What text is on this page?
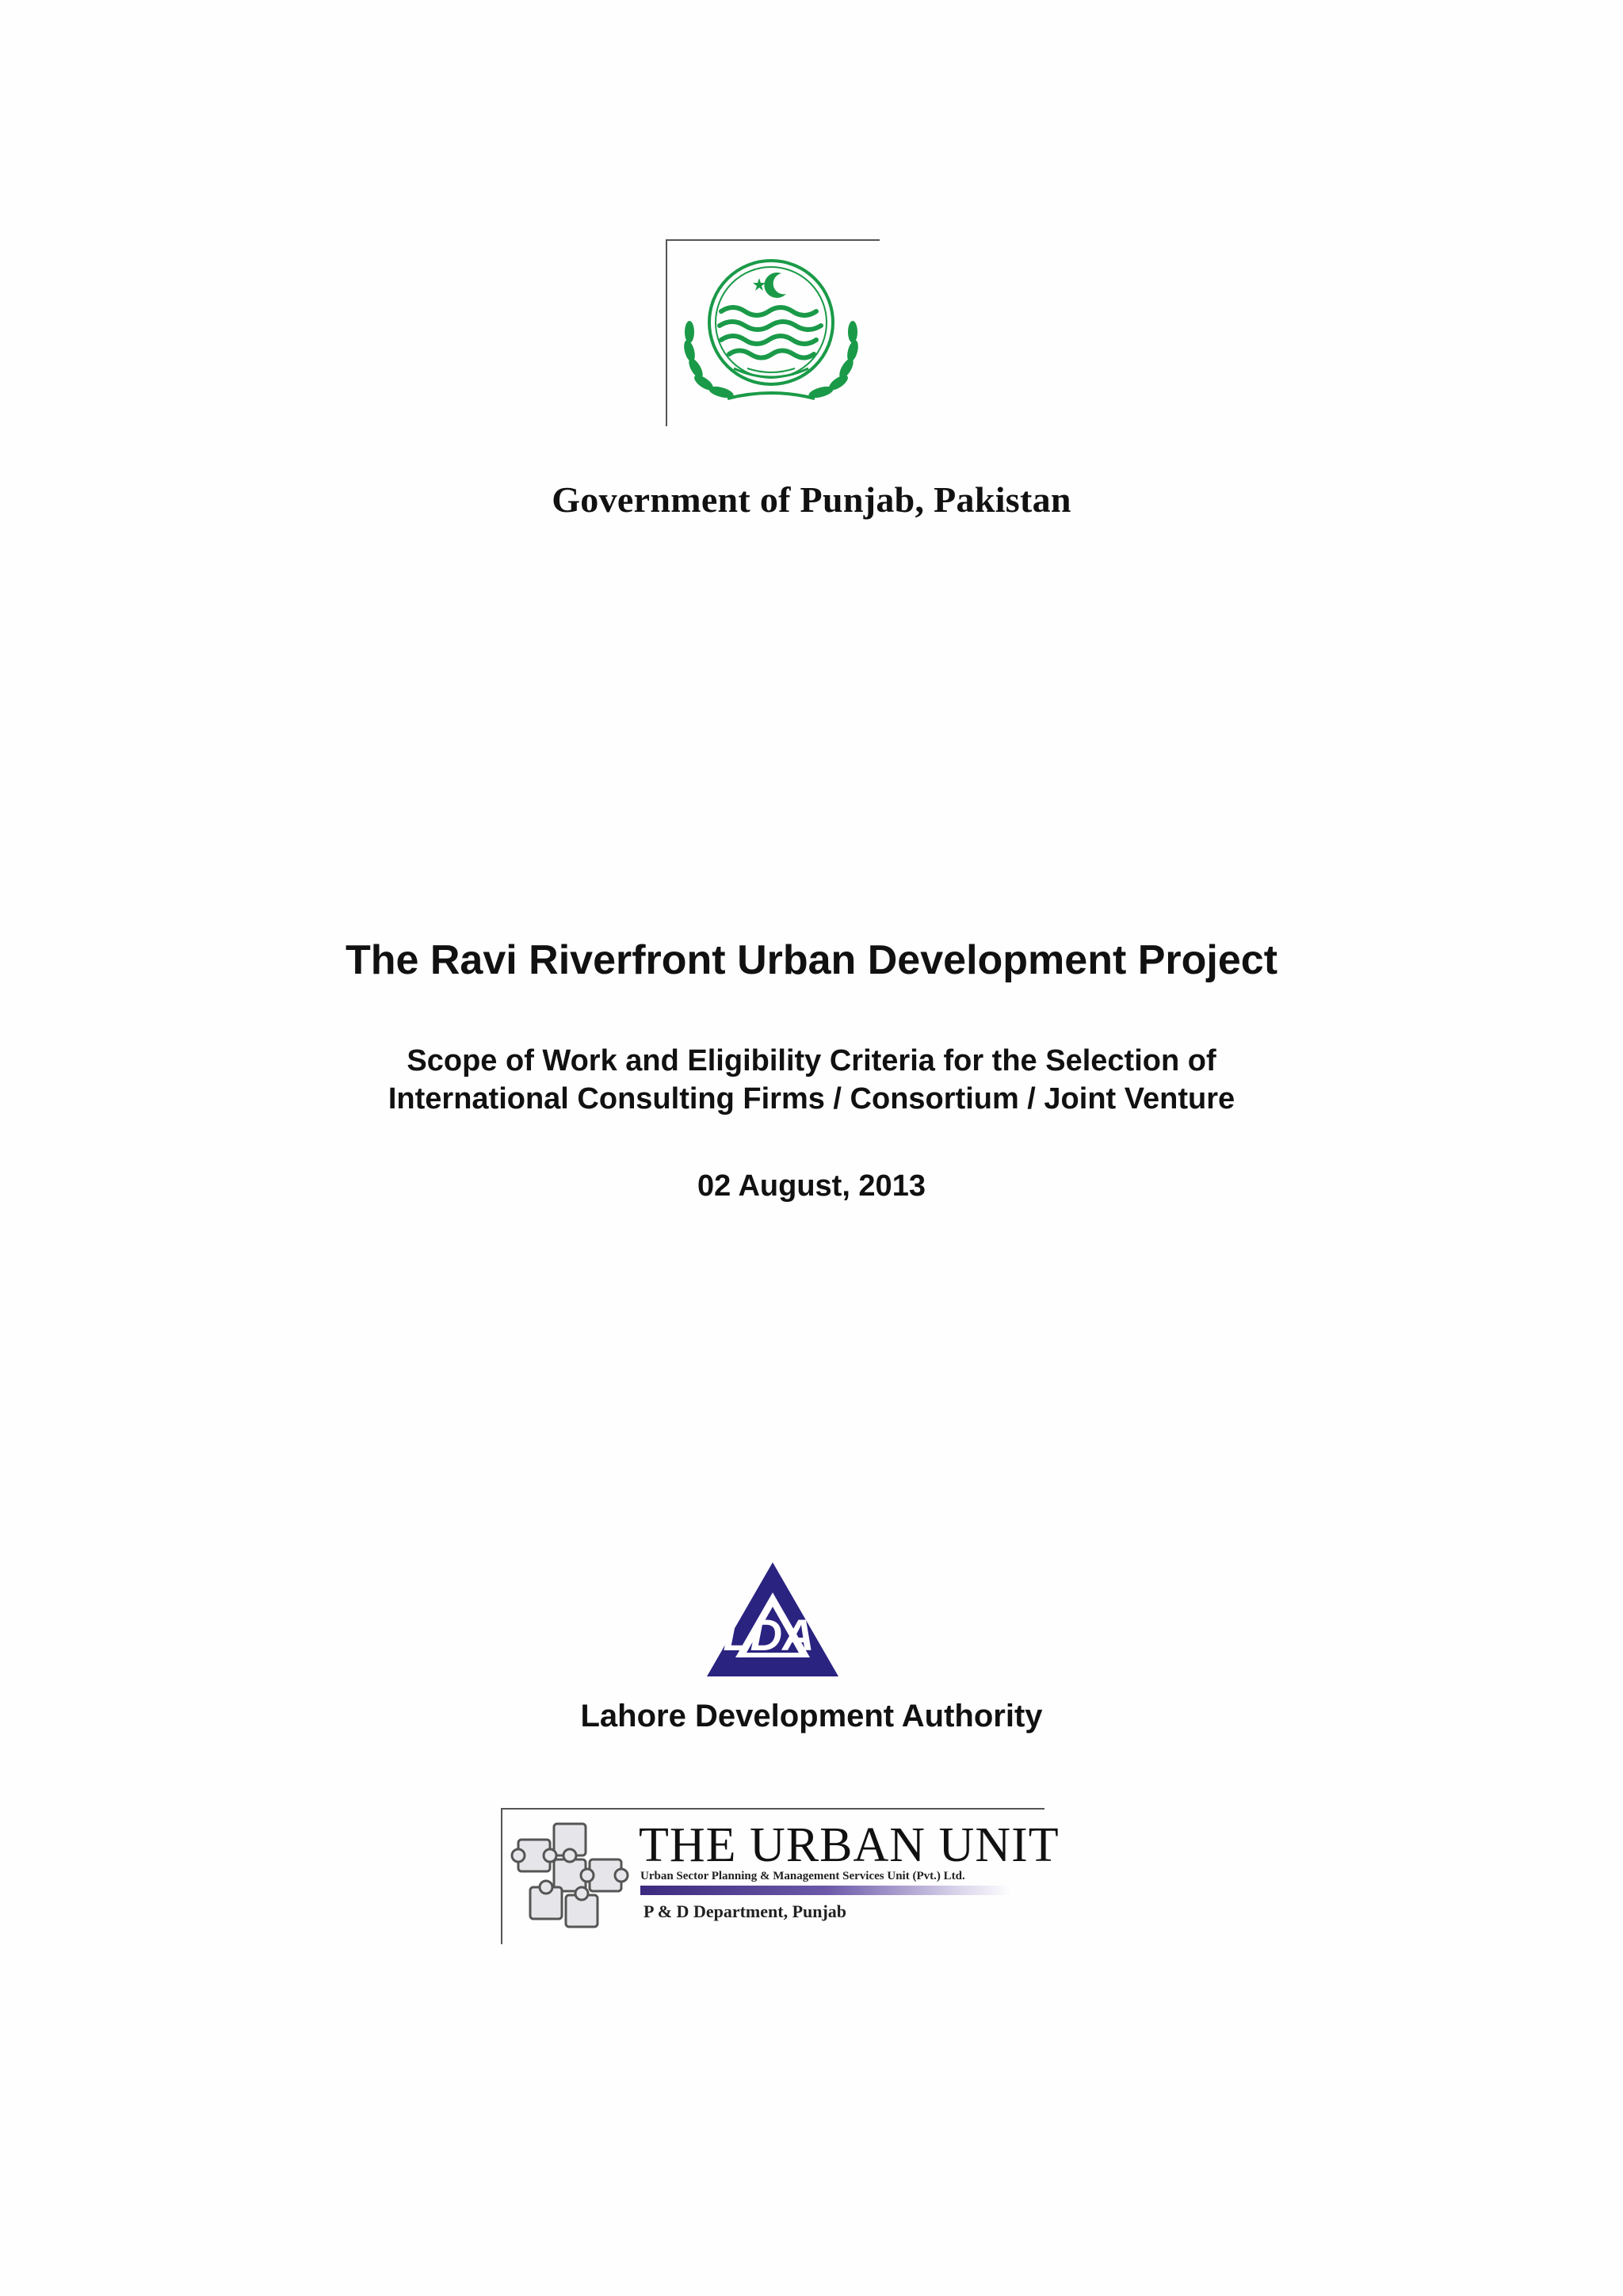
Government of Punjab, Pakistan
The Ravi Riverfront Urban Development Project
Scope of Work and Eligibility Criteria for the Selection of
International Consulting Firms / Consortium / Joint Venture
02 August, 2013
LDA
Lahore Development Authority
THE URBAN UNIT
Urban Sector Planning & Management Services Unit (Pvt.) Ltd.
P & D Department, Punjab
